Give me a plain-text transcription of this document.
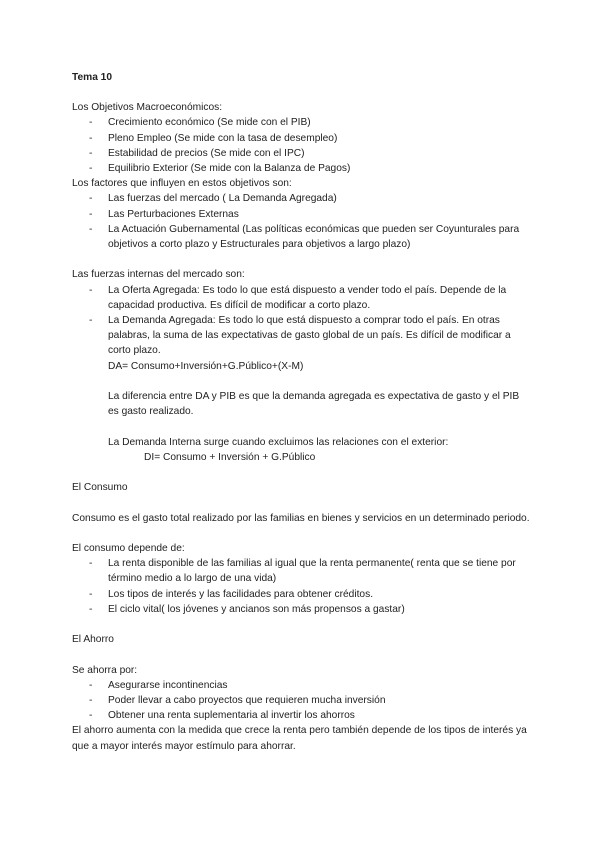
Tema 10

Los Objetivos Macroeconómicos:

- Crecimiento económico (Se mide con el PIB)
- Pleno Empleo (Se mide con la tasa de desempleo)
- Estabilidad de precios (Se mide con el IPC)
- Equilibrio Exterior (Se mide con la Balanza de Pagos)

Los factores que influyen en estos objetivos son:

- Las fuerzas del mercado ( La Demanda Agregada)
- Las Perturbaciones Externas
- La Actuación Gubernamental (Las políticas económicas que pueden ser Coyunturales para objetivos a corto plazo y Estructurales para objetivos a largo plazo)

Las fuerzas internas del mercado son:

- La Oferta Agregada: Es todo lo que está dispuesto a vender todo el país. Depende de la capacidad productiva. Es difícil de modificar a corto plazo.
- La Demanda Agregada: Es todo lo que está dispuesto a comprar todo el país. En otras palabras, la suma de las expectativas de gasto global de un país. Es difícil de modificar a corto plazo.

DA= Consumo+Inversión+G.Público+(X-M)

La diferencia entre DA y PIB es que la demanda agregada es expectativa de gasto y el PIB es gasto realizado.

La Demanda Interna surge cuando excluimos las relaciones con el exterior:

DI= Consumo + Inversión + G.Público

El Consumo

Consumo es el gasto total realizado por las familias en bienes y servicios en un determinado periodo.

El consumo depende de:

- La renta disponible de las familias al igual que la renta permanente( renta que se tiene por término medio a lo largo de una vida)
- Los tipos de interés y las facilidades para obtener créditos.
- El ciclo vital( los jóvenes y ancianos son más propensos a gastar)

El Ahorro

Se ahorra por:

- Asegurarse incontinencias
- Poder llevar a cabo proyectos que requieren mucha inversión
- Obtener una renta suplementaria al invertir los ahorros

El ahorro aumenta con la medida que crece la renta pero también depende de los tipos de interés ya que a mayor interés mayor estímulo para ahorrar.
